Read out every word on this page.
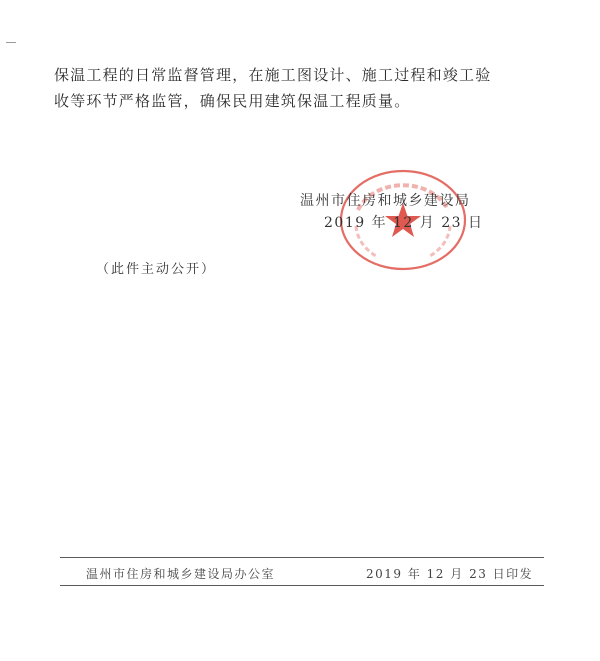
保温工程的日常监督管理，在施工图设计、施工过程和竣工验
收等环节严格监管，确保民用建筑保温工程质量。
温州市住房和城乡建设局
2019 年 12 月 23 日
（此件主动公开）
温州市住房和城乡建设局办公室	2019 年 12 月 23 日印发
